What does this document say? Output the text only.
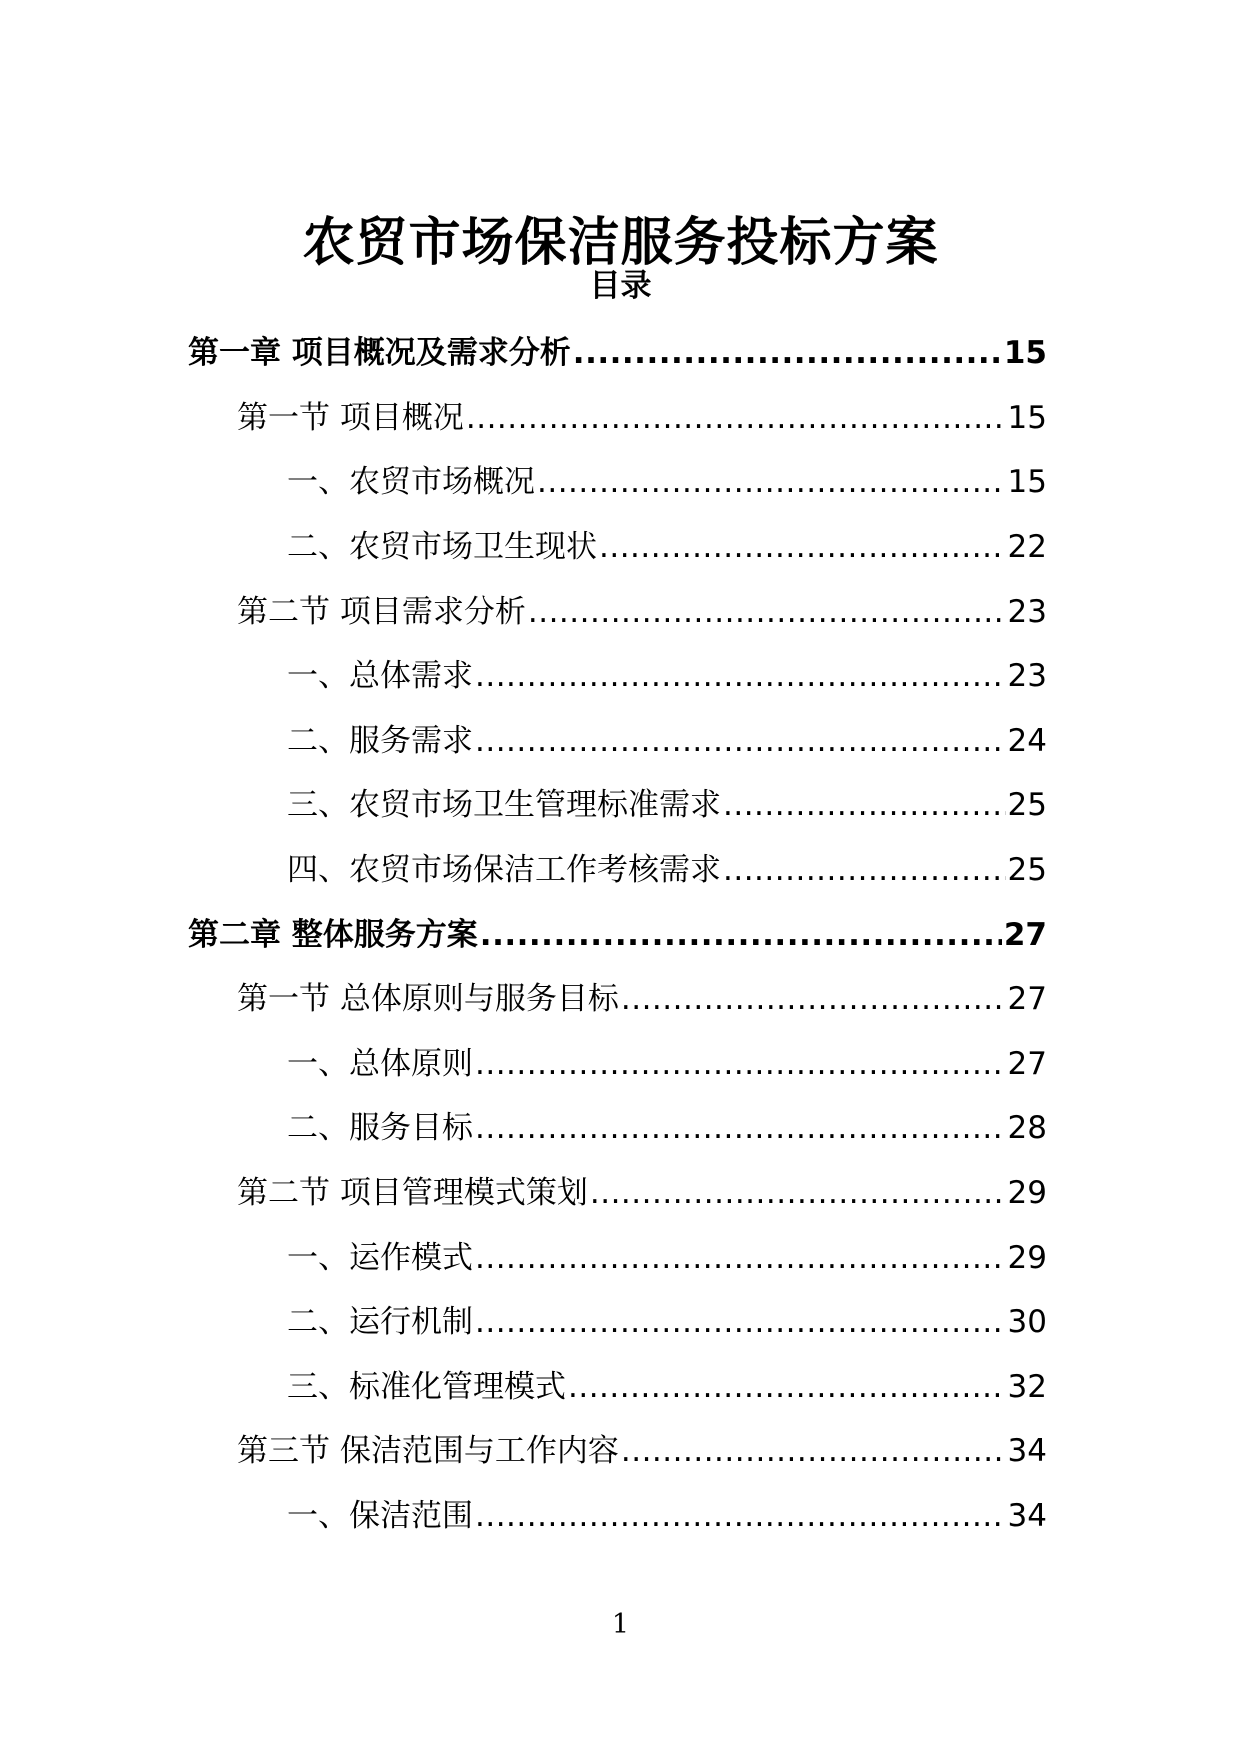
农贸市场保洁服务投标方案
目录
第一章 项目概况及需求分析 .....	15
第一节 项目概况 .....	15
一、农贸市场概况 .....	15
二、农贸市场卫生现状 .....	22
第二节 项目需求分析 .....	23
一、总体需求 .....	23
二、服务需求 .....	24
三、农贸市场卫生管理标准需求 .....	25
四、农贸市场保洁工作考核需求 .....	25
第二章 整体服务方案 .....	27
第一节 总体原则与服务目标 .....	27
一、总体原则 .....	27
二、服务目标 .....	28
第二节 项目管理模式策划 .....	29
一、运作模式 .....	29
二、运行机制 .....	30
三、标准化管理模式 .....	32
第三节 保洁范围与工作内容 .....	34
一、保洁范围 .....	34
1
